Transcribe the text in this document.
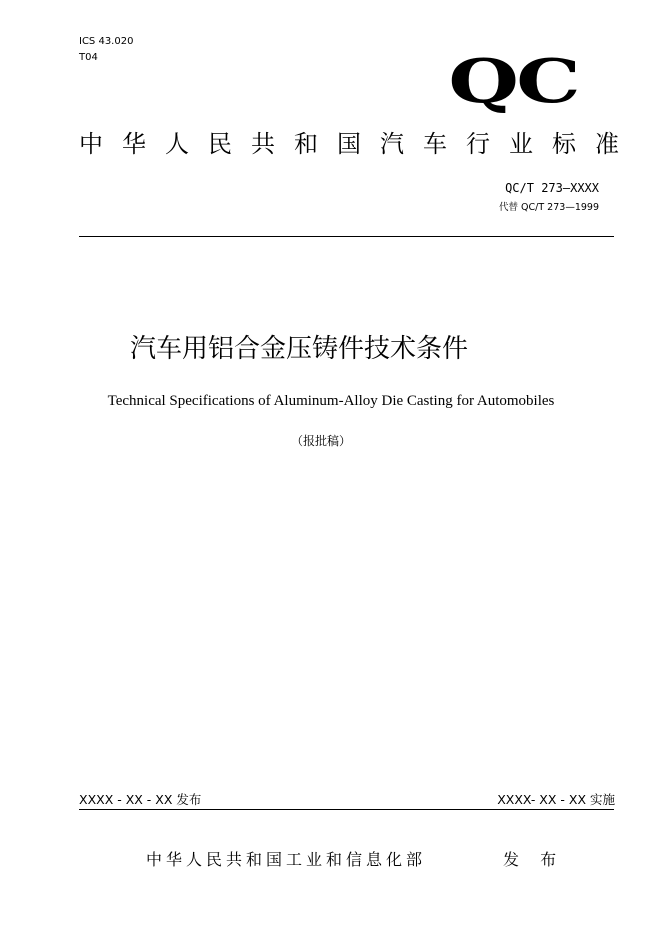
ICS 43.020
T04	QC
中 华 人 民 共 和 国 汽 车 行 业 标 准
QC/T 273—XXXX
代替 QC/T 273—1999
汽车用铝合金压铸件技术条件
Technical Specifications of Aluminum-Alloy Die Casting for Automobiles
（报批稿）
XXXX - XX - XX 发布	XXXX- XX - XX 实施
中华人民共和国工业和信息化部	发 布
